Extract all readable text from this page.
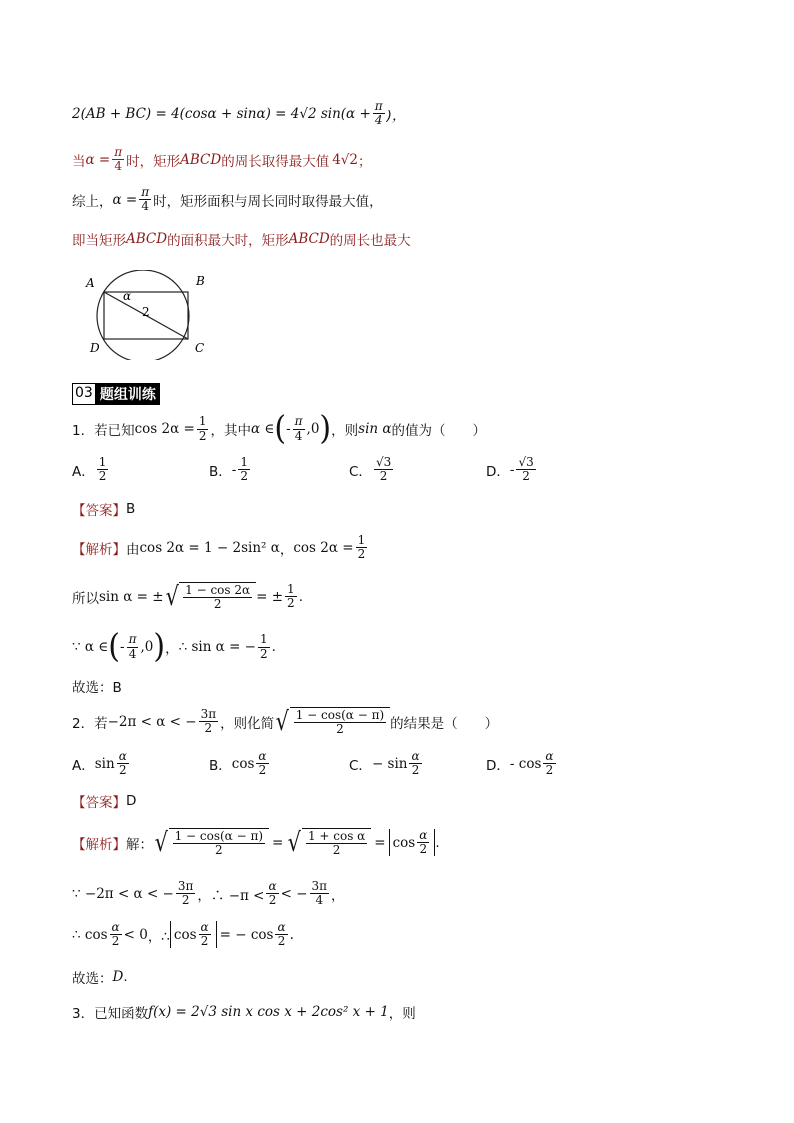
2(AB + BC) = 4(cosα + sinα) = 4√2 $\sin(\alpha + \frac{\pi}{4}$ )，
当 $\alpha = \frac{\pi}{4}$ 时，矩形 ABCD 的周长取得最大值 4√2 ；
综上， $\alpha = \frac{\pi}{4}$ 时，矩形面积与周长同时取得最大值，
即当矩形 ABCD 的面积最大时，矩形 ABCD 的周长也最大
A	B
C
D
α
2
03 题组训练
1．若已知 $\cos 2\alpha = \frac{1}{2}$ ，其中 α ∈ ( - $\frac{\pi}{4} ,0$ ) ，则 sin α 的值为（　　）
A． $\frac{1}{2}$	B． - $\frac{1}{2}$	C． $\frac{√3}{2}$	D． - $\frac{√3}{2}$
【答案】 B
【解析】 由 cos 2α = 1 − 2sin² α ， $\cos 2\alpha = \frac{1}{2}$
所以 sin α = ± √ $\frac{1 - \cos 2\alpha}{2}$ = ± $\frac{1}{2}$ .
∵ α ∈ ( - $\frac{\pi}{4} ,0$ ) ， ∴ sin α = − $\frac{1}{2}$ .
故选：B
2．若 −2π < α < − $\frac{3\pi}{2}$ ，则化简 √ $\frac{1 - \cos(\alpha - \pi)}{2}$ 的结果是（　　）
A． $\sin \frac{\alpha}{2}$	B． $\cos \frac{\alpha}{2}$	C． − $\sin \frac{\alpha}{2}$	D． - $\cos \frac{\alpha}{2}$
【答案】 D
【解析】 解： √ $\frac{1 - \cos(\alpha - \pi)}{2}$ = √ $\frac{\text{1 + cos α}}{2} = \cos \frac{\alpha}{2}$ .
∵ −2π < α < − $\frac{3\pi}{2}$ ，∴ $-\pi < \frac{\alpha}{2}$ < − $\frac{3\pi}{4}$ ，
∴ $\cos \frac{\alpha}{2} < 0$ ，∴ $\cos \frac{\alpha}{2}$ = − $\cos \frac{\alpha}{2}$ .
故选： D .
3．已知函数 f(x) = 2√3 sin x cos x + 2cos² x + 1 ，则
